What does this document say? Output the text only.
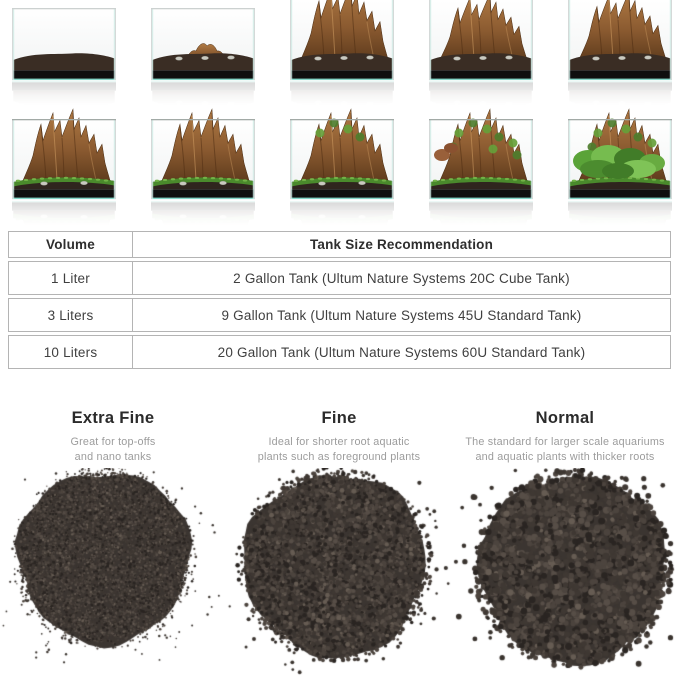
Volume	Tank Size Recommendation
1 Liter	2 Gallon Tank (Ultum Nature Systems 20C Cube Tank)
3 Liters	9 Gallon Tank (Ultum Nature Systems 45U Standard Tank)
10 Liters	20 Gallon Tank (Ultum Nature Systems 60U Standard Tank)
Extra Fine

Great for top-offs
and nano tanks

Fine

Ideal for shorter root aquatic
plants such as foreground plants

Normal

The standard for larger scale aquariums
and aquatic plants with thicker roots
